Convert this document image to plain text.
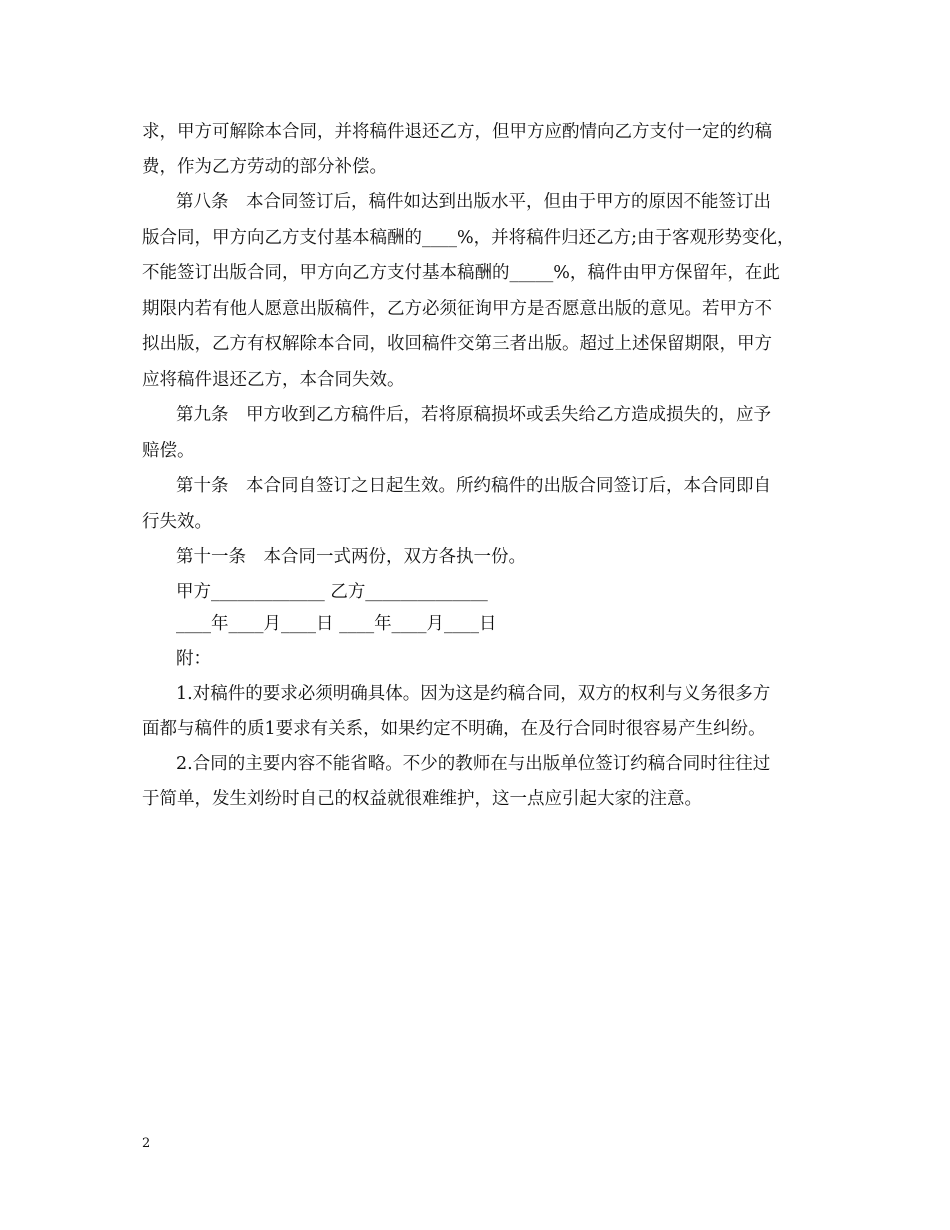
求，甲方可解除本合同，并将稿件退还乙方，但甲方应酌情向乙方支付一定的约稿
费，作为乙方劳动的部分补偿。
第八条　本合同签订后，稿件如达到出版水平，但由于甲方的原因不能签订出
版合同，甲方向乙方支付基本稿酬的____%，并将稿件归还乙方;由于客观形势变化，
不能签订出版合同，甲方向乙方支付基本稿酬的_____%，稿件由甲方保留年，在此
期限内若有他人愿意出版稿件，乙方必须征询甲方是否愿意出版的意见。若甲方不
拟出版，乙方有权解除本合同，收回稿件交第三者出版。超过上述保留期限，甲方
应将稿件退还乙方，本合同失效。
第九条　甲方收到乙方稿件后，若将原稿损坏或丢失给乙方造成损失的，应予
赔偿。
第十条　本合同自签订之日起生效。所约稿件的出版合同签订后，本合同即自
行失效。
第十一条　本合同一式两份，双方各执一份。
甲方_____________ 乙方______________
____年____月____日 ____年____月____日
附：
1.对稿件的要求必须明确具体。因为这是约稿合同，双方的权利与义务很多方
面都与稿件的质1要求有关系，如果约定不明确，在及行合同时很容易产生纠纷。
2.合同的主要内容不能省略。不少的教师在与出版单位签订约稿合同时往往过
于简单，发生刘纷时自己的权益就很难维护，这一点应引起大家的注意。
2
